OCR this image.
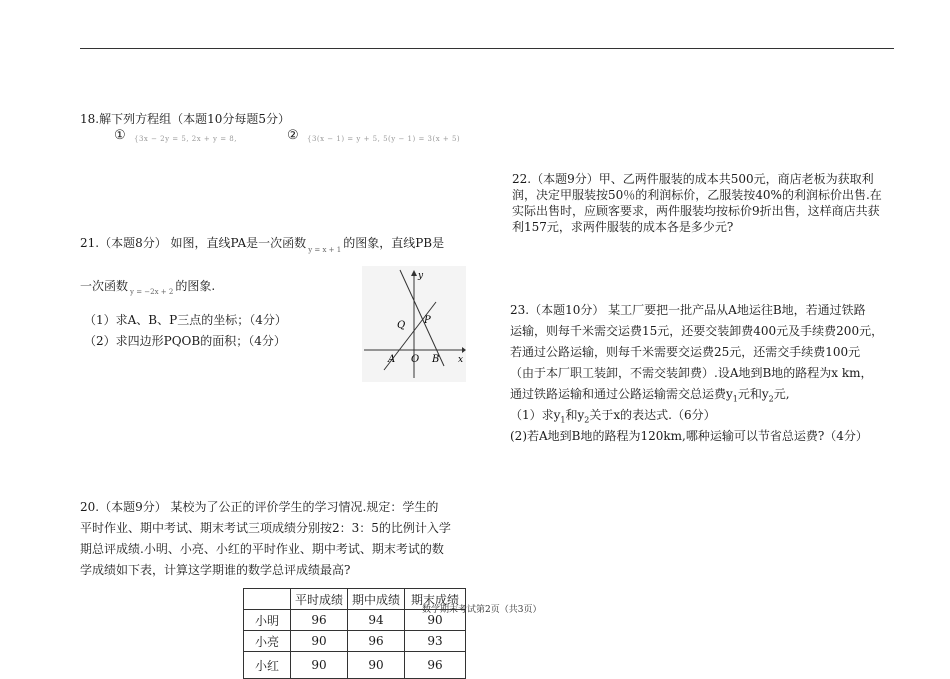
18.解下列方程组（本题10分每题5分）
① {3x − 2y = 5, 2x + y = 8,	② {3(x − 1) = y + 5, 5(y − 1) = 3(x + 5)
21.（本题8分） 如图，直线PA是一次函数 $_{y = x + 1}$ 的图象，直线PB是
一次函数 $_{y = -2x + 2}$ 的图象.
（1）求A、B、P三点的坐标；（4分）
（2）求四边形PQOB的面积；（4分）
y
x
Q P
A O B
20.（本题9分） 某校为了公正的评价学生的学习情况.规定：学生的
平时作业、期中考试、期末考试三项成绩分别按2：3：5的比例计入学
期总评成绩.小明、小亮、小红的平时作业、期中考试、期末考试的数
学成绩如下表，计算这学期谁的数学总评成绩最高?
	平时成绩	期中成绩	期末成绩
小明	96	94	90
小亮	90	96	93
小红	90	90	96
22.（本题9分）甲、乙两件服装的成本共500元，商店老板为获取利
润，决定甲服装按50％的利润标价，乙服装按40%的利润标价出售.在
实际出售时，应顾客要求，两件服装均按标价9折出售，这样商店共获
利157元，求两件服装的成本各是多少元?
23.（本题10分） 某工厂要把一批产品从A地运往B地，若通过铁路
运输，则每千米需交运费15元，还要交装卸费400元及手续费200元，
若通过公路运输，则每千米需要交运费25元，还需交手续费100元
（由于本厂职工装卸，不需交装卸费）.设A地到B地的路程为x km，
通过铁路运输和通过公路运输需交总运费$y_1$元和$y_2$元,
（1）求$y_1$和$y_2$关于x的表达式.（6分）
(2)若A地到B地的路程为120km,哪种运输可以节省总运费?（4分）
数学期末考试第2页（共3页）
